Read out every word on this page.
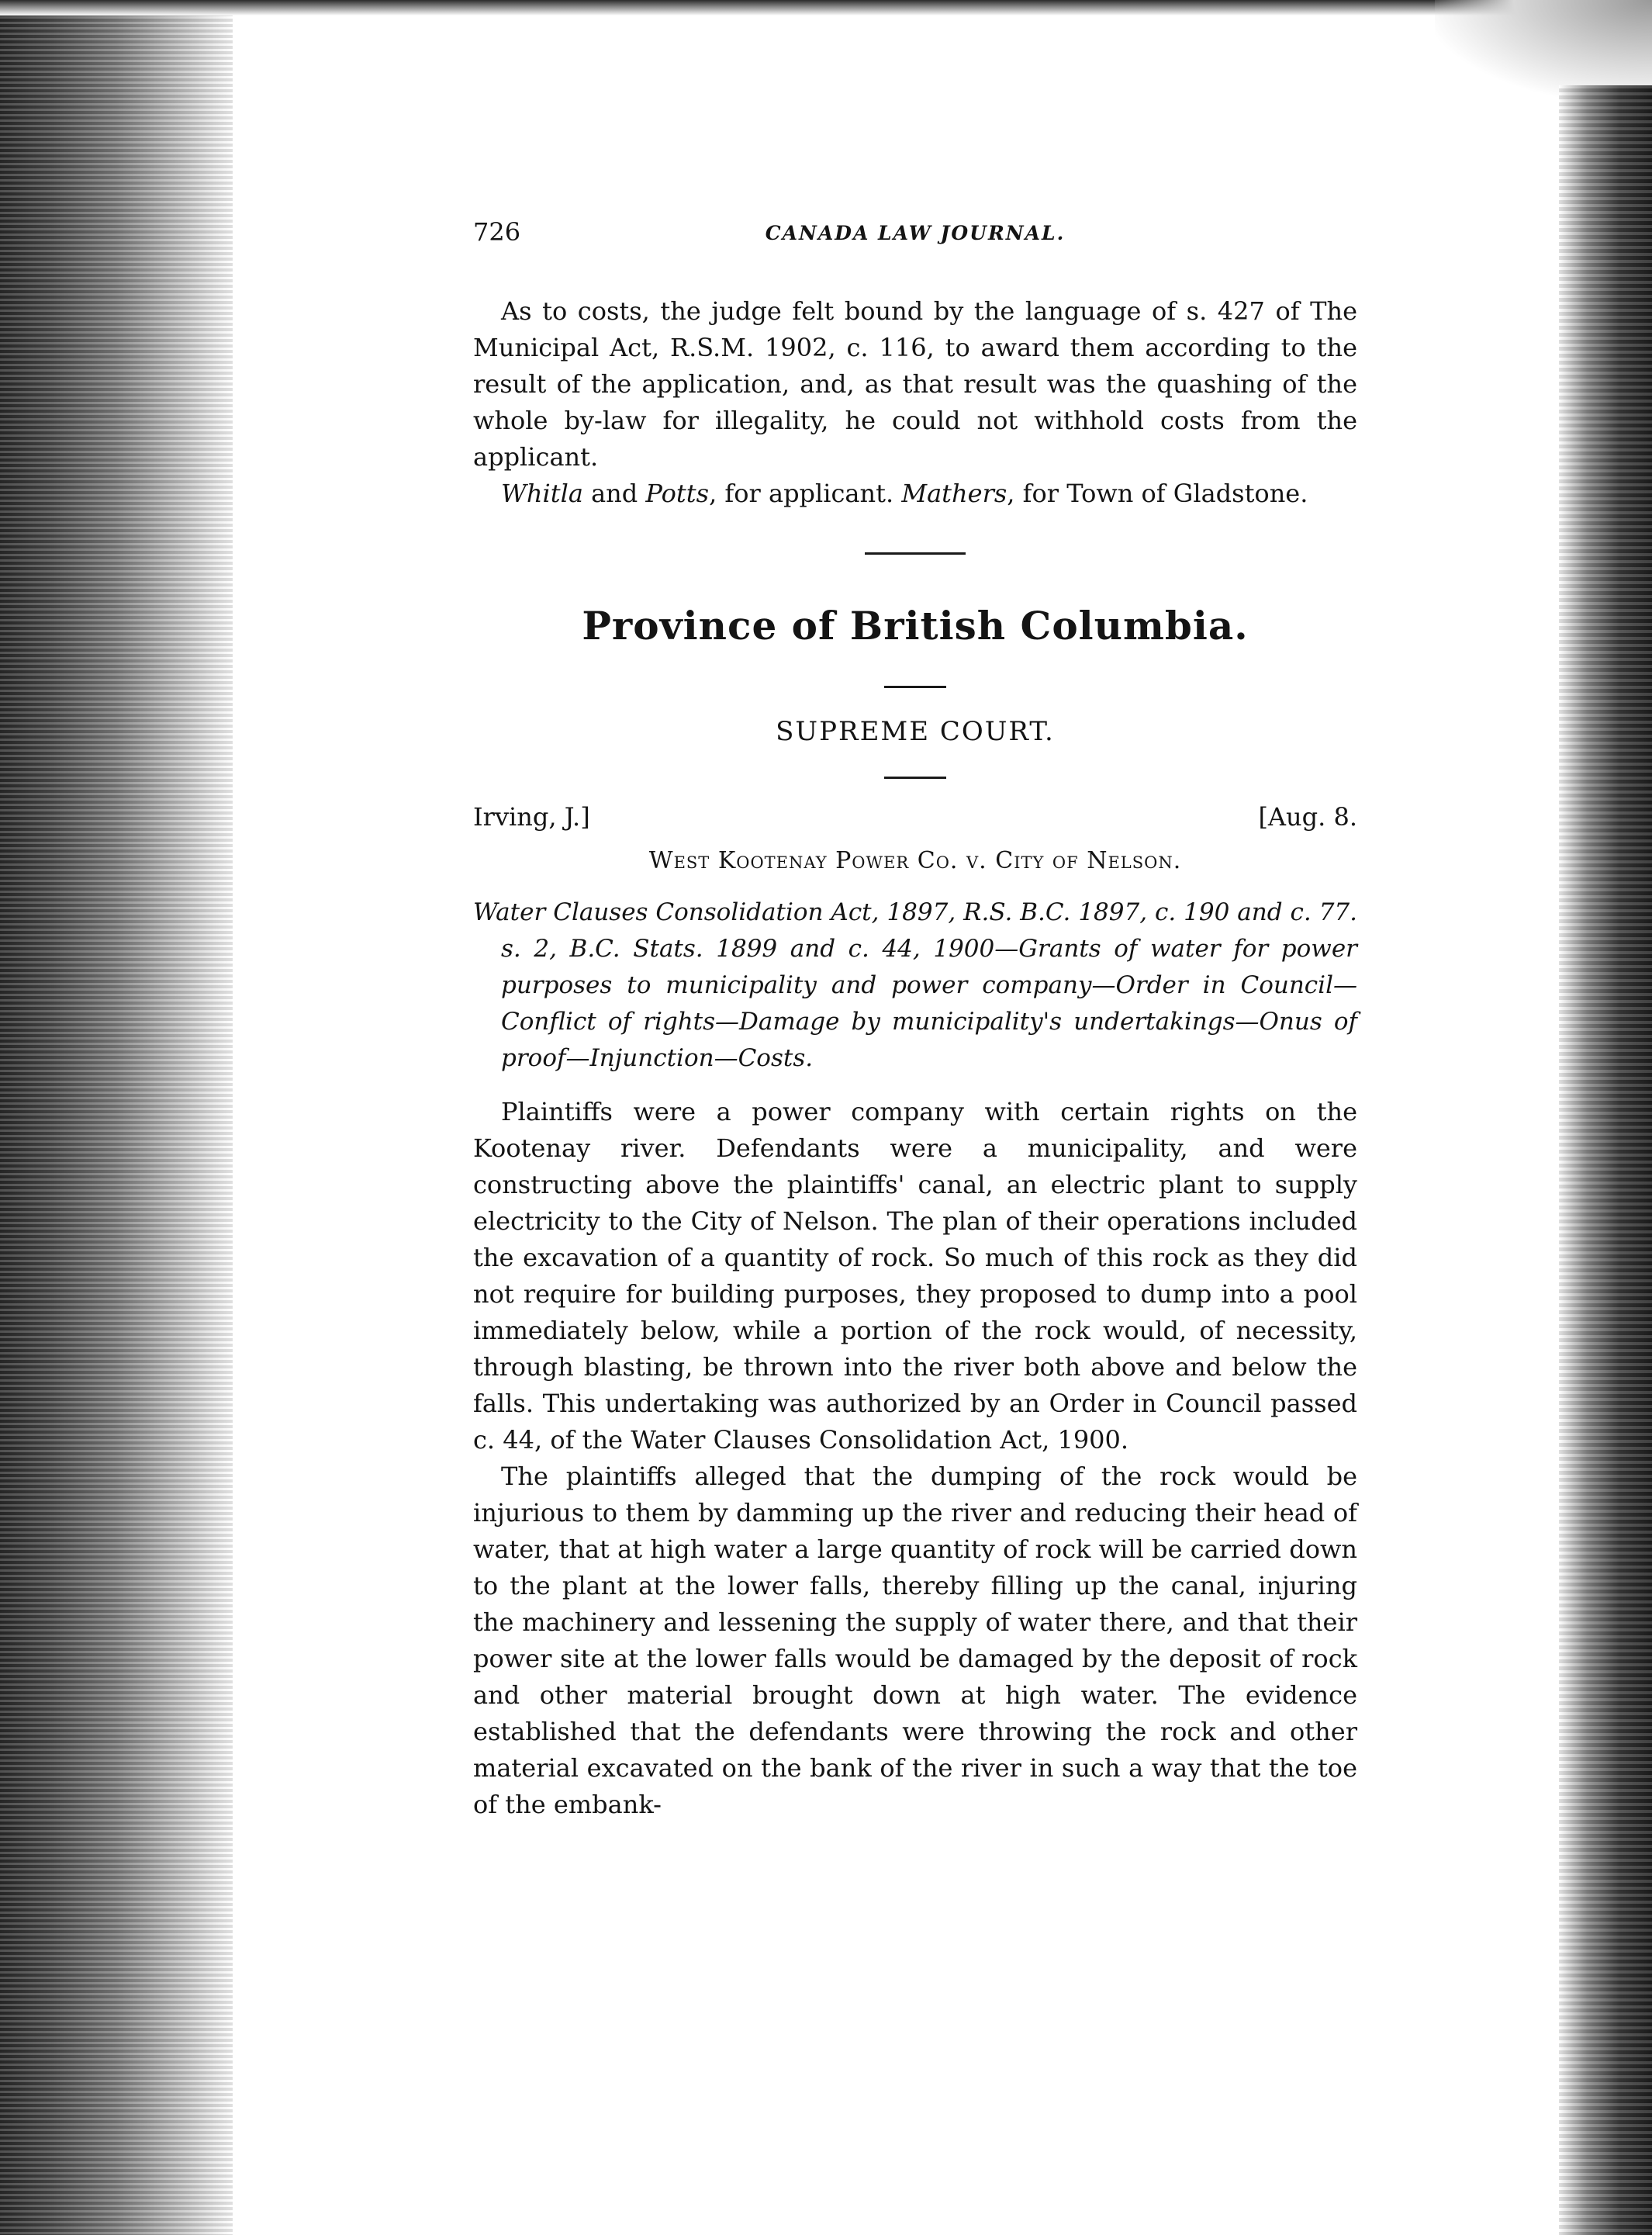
726	CANADA LAW JOURNAL.

As to costs, the judge felt bound by the language of s. 427 of The Municipal Act, R.S.M. 1902, c. 116, to award them according to the result of the application, and, as that result was the quashing of the whole by-law for illegality, he could not withhold costs from the applicant.

Whitla and Potts, for applicant. Mathers, for Town of Gladstone.

Province of British Columbia.
SUPREME COURT.
Irving, J.]	[Aug. 8.
West Kootenay Power Co. v. City of Nelson.
Water Clauses Consolidation Act, 1897, R.S. B.C. 1897, c. 190 and c. 77. s. 2, B.C. Stats. 1899 and c. 44, 1900—Grants of water for power purposes to municipality and power company—Order in Council—Conflict of rights—Damage by municipality's undertakings—Onus of proof—Injunction—Costs.

Plaintiffs were a power company with certain rights on the Kootenay river. Defendants were a municipality, and were constructing above the plaintiffs' canal, an electric plant to supply electricity to the City of Nelson. The plan of their operations included the excavation of a quantity of rock. So much of this rock as they did not require for building purposes, they proposed to dump into a pool immediately below, while a portion of the rock would, of necessity, through blasting, be thrown into the river both above and below the falls. This undertaking was authorized by an Order in Council passed c. 44, of the Water Clauses Consolidation Act, 1900.

The plaintiffs alleged that the dumping of the rock would be injurious to them by damming up the river and reducing their head of water, that at high water a large quantity of rock will be carried down to the plant at the lower falls, thereby filling up the canal, injuring the machinery and lessening the supply of water there, and that their power site at the lower falls would be damaged by the deposit of rock and other material brought down at high water. The evidence established that the defendants were throwing the rock and other material excavated on the bank of the river in such a way that the toe of the embank-
